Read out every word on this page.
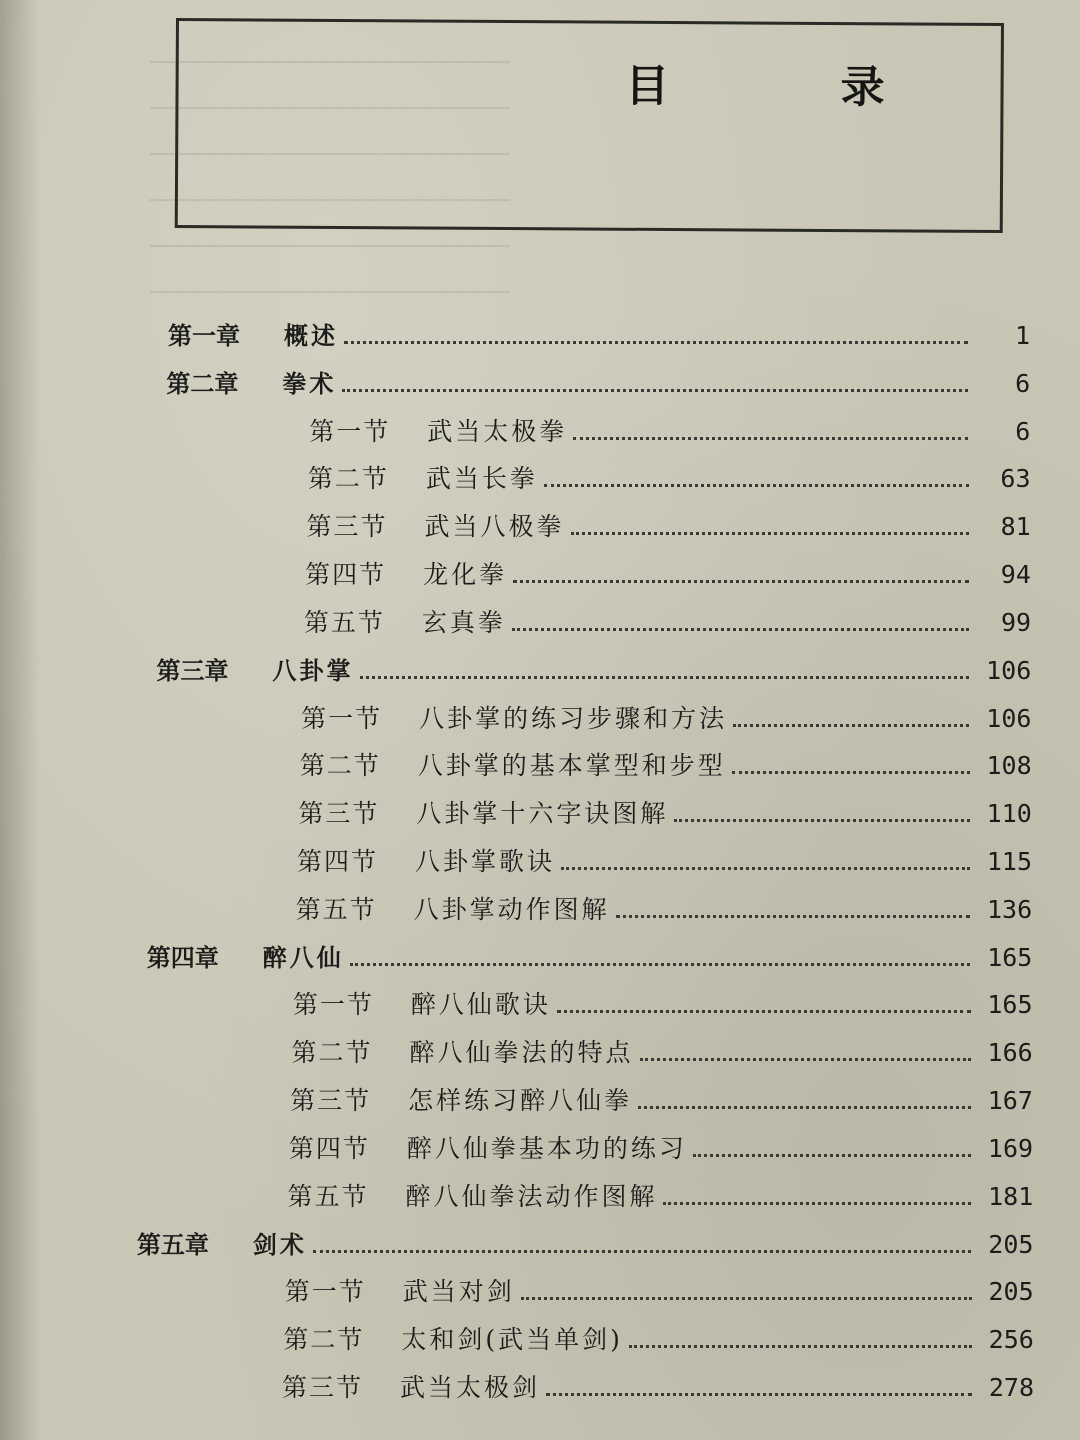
───────────────────────
───────────────────────
───────────────────────
───────────────────────
───────────────────────
───────────────────────
目 录
第一章	概述	1
第二章	拳术	6
第一节	武当太极拳	6
第二节	武当长拳	63
第三节	武当八极拳	81
第四节	龙化拳	94
第五节	玄真拳	99
第三章	八卦掌	106
第一节	八卦掌的练习步骤和方法	106
第二节	八卦掌的基本掌型和步型	108
第三节	八卦掌十六字诀图解	110
第四节	八卦掌歌诀	115
第五节	八卦掌动作图解	136
第四章	醉八仙	165
第一节	醉八仙歌诀	165
第二节	醉八仙拳法的特点	166
第三节	怎样练习醉八仙拳	167
第四节	醉八仙拳基本功的练习	169
第五节	醉八仙拳法动作图解	181
第五章	剑术	205
第一节	武当对剑	205
第二节	太和剑(武当单剑)	256
第三节	武当太极剑	278
